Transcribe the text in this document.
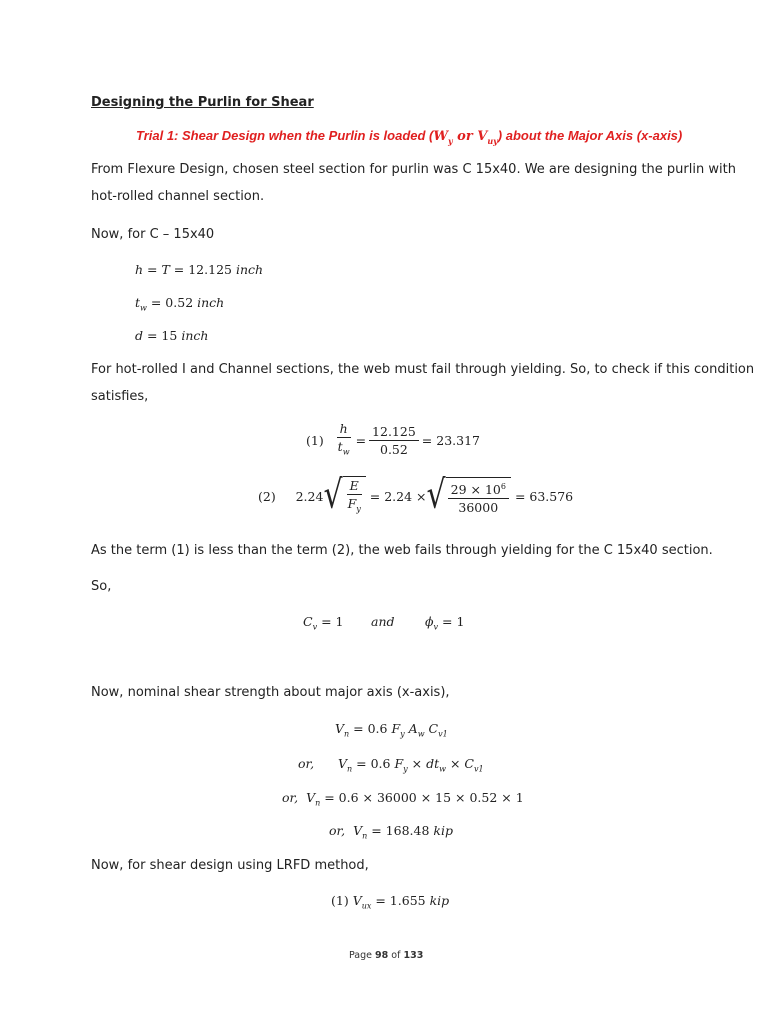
Designing the Purlin for Shear
Trial 1: Shear Design when the Purlin is loaded ($W_y$ or $V_{uy}$) about the Major Axis (x-axis)
From Flexure Design, chosen steel section for purlin was C 15x40. We are designing the purlin with
hot-rolled channel section.
Now, for C – 15x40
h = T = 12.125 inch
$t_w = 0.52$ inch
d = 15 inch
For hot-rolled I and Channel sections, the web must fail through yielding. So, to check if this condition
satisfies,
(1)
$\frac{h}{t_w} = \frac{12.125}{0.52} = 23.317$
(2)
2.24 √ $\frac{E}{F_y}$
= 2.24 × √ $\frac{29 \times 10^6}{36000}$
= 63.576
As the term (1) is less than the term (2), the web fails through yielding for the C 15x40 section.
So,
$C_v = 1$ and $\phi_v = 1$
Now, nominal shear strength about major axis (x-axis),
$V_n = 0.6$ $F_y$ $A_w$ $C_{v1}$
or, $V_n = 0.6$ $F_y \times dt_w \times C_{v1}$
or,  $V_n = 0.6 \times 36000 \times 15 \times 0.52 \times 1$
or,  $V_n = 168.48$ kip
Now, for shear design using LRFD method,
(1) $V_{ux} = 1.655$ kip
Page 98 of 133
